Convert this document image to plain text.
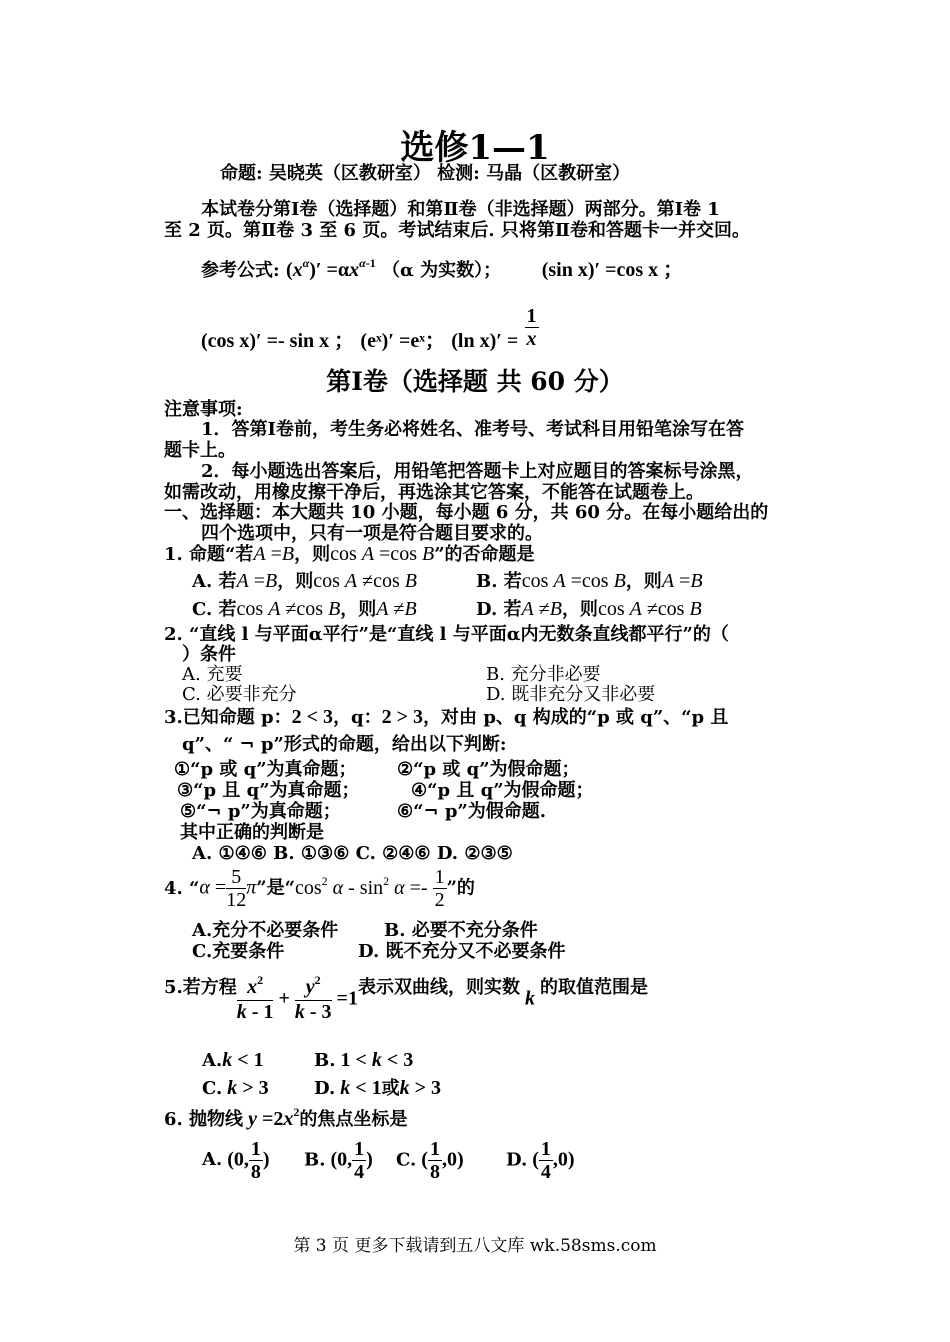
选修1—1
命题: 吴晓英（区教研室） 检测: 马晶（区教研室）
本试卷分第Ⅰ卷（选择题）和第Ⅱ卷（非选择题）两部分。第Ⅰ卷 1
至 2 页。第Ⅱ卷 3 至 6 页。考试结束后. 只将第Ⅱ卷和答题卡一并交回。
参考公式: $(x^\alpha)' =\alpha x^{\alpha-1}$ （α 为实数）； (sin x)′ =cos x ；
(cos x)′ =- sin x ； (eˣ)′ =eˣ； (ln $x)' = \frac{1}{x}$
第Ⅰ卷（选择题 共 60 分）
注意事项:
1．答第Ⅰ卷前，考生务必将姓名、准考号、考试科目用铅笔涂写在答
题卡上。
2．每小题选出答案后，用铅笔把答题卡上对应题目的答案标号涂黑，
如需改动，用橡皮擦干净后，再选涂其它答案，不能答在试题卷上。
一、选择题：本大题共 10 小题，每小题 6 分，共 60 分。在每小题给出的
四个选项中，只有一项是符合题目要求的。
1. 命题“若A =B，则cos A =cos B”的否命题是
A. 若A =B，则cos A ≠cos B	B. 若cos A =cos B，则A =B
C. 若cos A ≠cos B，则A ≠B	D. 若A ≠B，则cos A ≠cos B
2. “直线 l 与平面α平行”是“直线 l 与平面α内无数条直线都平行”的（
）条件
A. 充要	B. 充分非必要
C. 必要非充分	D. 既非充分又非必要
3.已知命题 p：2 < 3，q：2 > 3，对由 p、q 构成的“p 或 q”、“p 且
q”、“ ¬ p”形式的命题，给出以下判断:
①“p 或 q”为真命题； ②“p 或 q”为假命题；
③“p 且 q”为真命题；	④“p 且 q”为假命题；
⑤“¬ p”为真命题；	⑥“¬ p”为假命题.
其中正确的判断是
A. ①④⑥ B. ①③⑥ C. ②④⑥ D. ②③⑤
4. “$\alpha = \frac{5}{12} \pi$”是“$\cos^2$ $\alpha - \sin^2 \alpha =- \frac{1}{2}$ ”的
A.充分不必要条件	B. 必要不充分条件
C.充要条件	D. 既不充分又不必要条件
5.若方程 $\frac{x^2}{k - 1} + \frac{y^2}{k - 3} =1$表示双曲线，则实数 k 的取值范围是
A.k < 1	B. 1 < k < 3
C. k > 3	D. k < 1或k > 3
6. 抛物线 $y =2x^2$的焦点坐标是
A. (0, $\frac{1}{8}$ ) B. (0, $\frac{1}{4}$ ) C. ( $\frac{1}{8} ,0$) D. ( $\frac{1}{4} ,0$)
第 3 页 更多下载请到五八文库 wk.58sms.com
